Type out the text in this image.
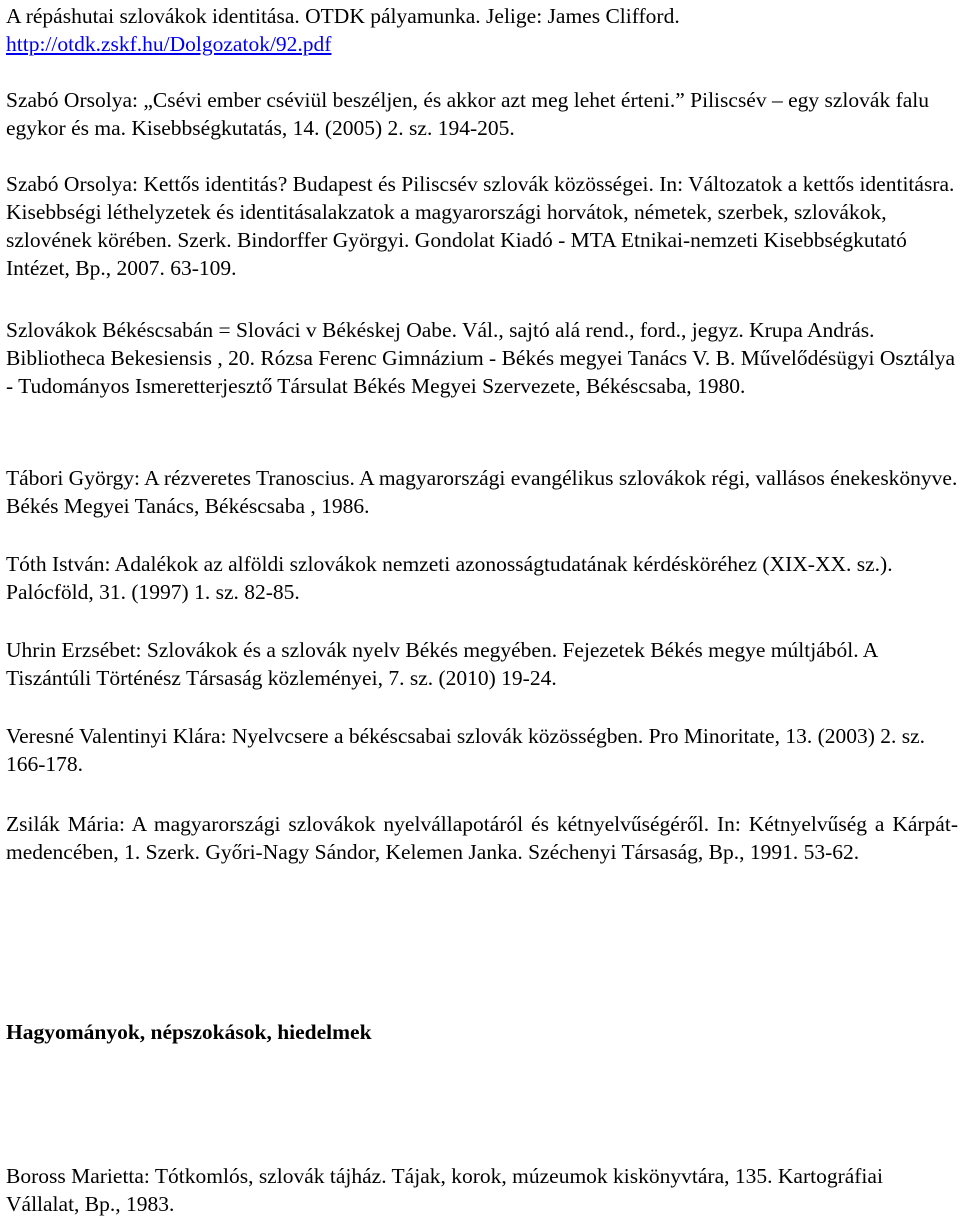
A répáshutai szlovákok identitása. OTDK pályamunka. Jelige: James Clifford.
http://otdk.zskf.hu/Dolgozatok/92.pdf

Szabó Orsolya: „Csévi ember cséviül beszéljen, és akkor azt meg lehet érteni.” Piliscsév – egy szlovák falu egykor és ma. Kisebbségkutatás, 14. (2005) 2. sz. 194-205.

Szabó Orsolya: Kettős identitás? Budapest és Piliscsév szlovák közösségei. In: Változatok a kettős identitásra. Kisebbségi léthelyzetek és identitásalakzatok a magyarországi horvátok, németek, szerbek, szlovákok, szlovének körében. Szerk. Bindorffer Györgyi. Gondolat Kiadó - MTA Etnikai-nemzeti Kisebbségkutató Intézet, Bp., 2007. 63-109.

Szlovákok Békéscsabán = Slováci v Békéskej Oabe. Vál., sajtó alá rend., ford., jegyz. Krupa András. Bibliotheca Bekesiensis , 20. Rózsa Ferenc Gimnázium - Békés megyei Tanács V. B. Művelődésügyi Osztálya - Tudományos Ismeretterjesztő Társulat Békés Megyei Szervezete, Békéscsaba, 1980.

Tábori György: A rézveretes Tranoscius. A magyarországi evangélikus szlovákok régi, vallásos énekeskönyve. Békés Megyei Tanács, Békéscsaba , 1986.

Tóth István: Adalékok az alföldi szlovákok nemzeti azonosságtudatának kérdésköréhez (XIX-XX. sz.). Palócföld, 31. (1997) 1. sz. 82-85.

Uhrin Erzsébet: Szlovákok és a szlovák nyelv Békés megyében. Fejezetek Békés megye múltjából. A Tiszántúli Történész Társaság közleményei, 7. sz. (2010) 19-24.

Veresné Valentinyi Klára: Nyelvcsere a békéscsabai szlovák közösségben. Pro Minoritate, 13. (2003) 2. sz. 166-178.

Zsilák Mária: A magyarországi szlovákok nyelvállapotáról és kétnyelvűségéről. In: Kétnyelvűség a Kárpát-medencében, 1. Szerk. Győri-Nagy Sándor, Kelemen Janka. Széchenyi Társaság, Bp., 1991. 53-62.

Hagyományok, népszokások, hiedelmek

Boross Marietta: Tótkomlós, szlovák tájház. Tájak, korok, múzeumok kiskönyvtára, 135. Kartográfiai Vállalat, Bp., 1983.
